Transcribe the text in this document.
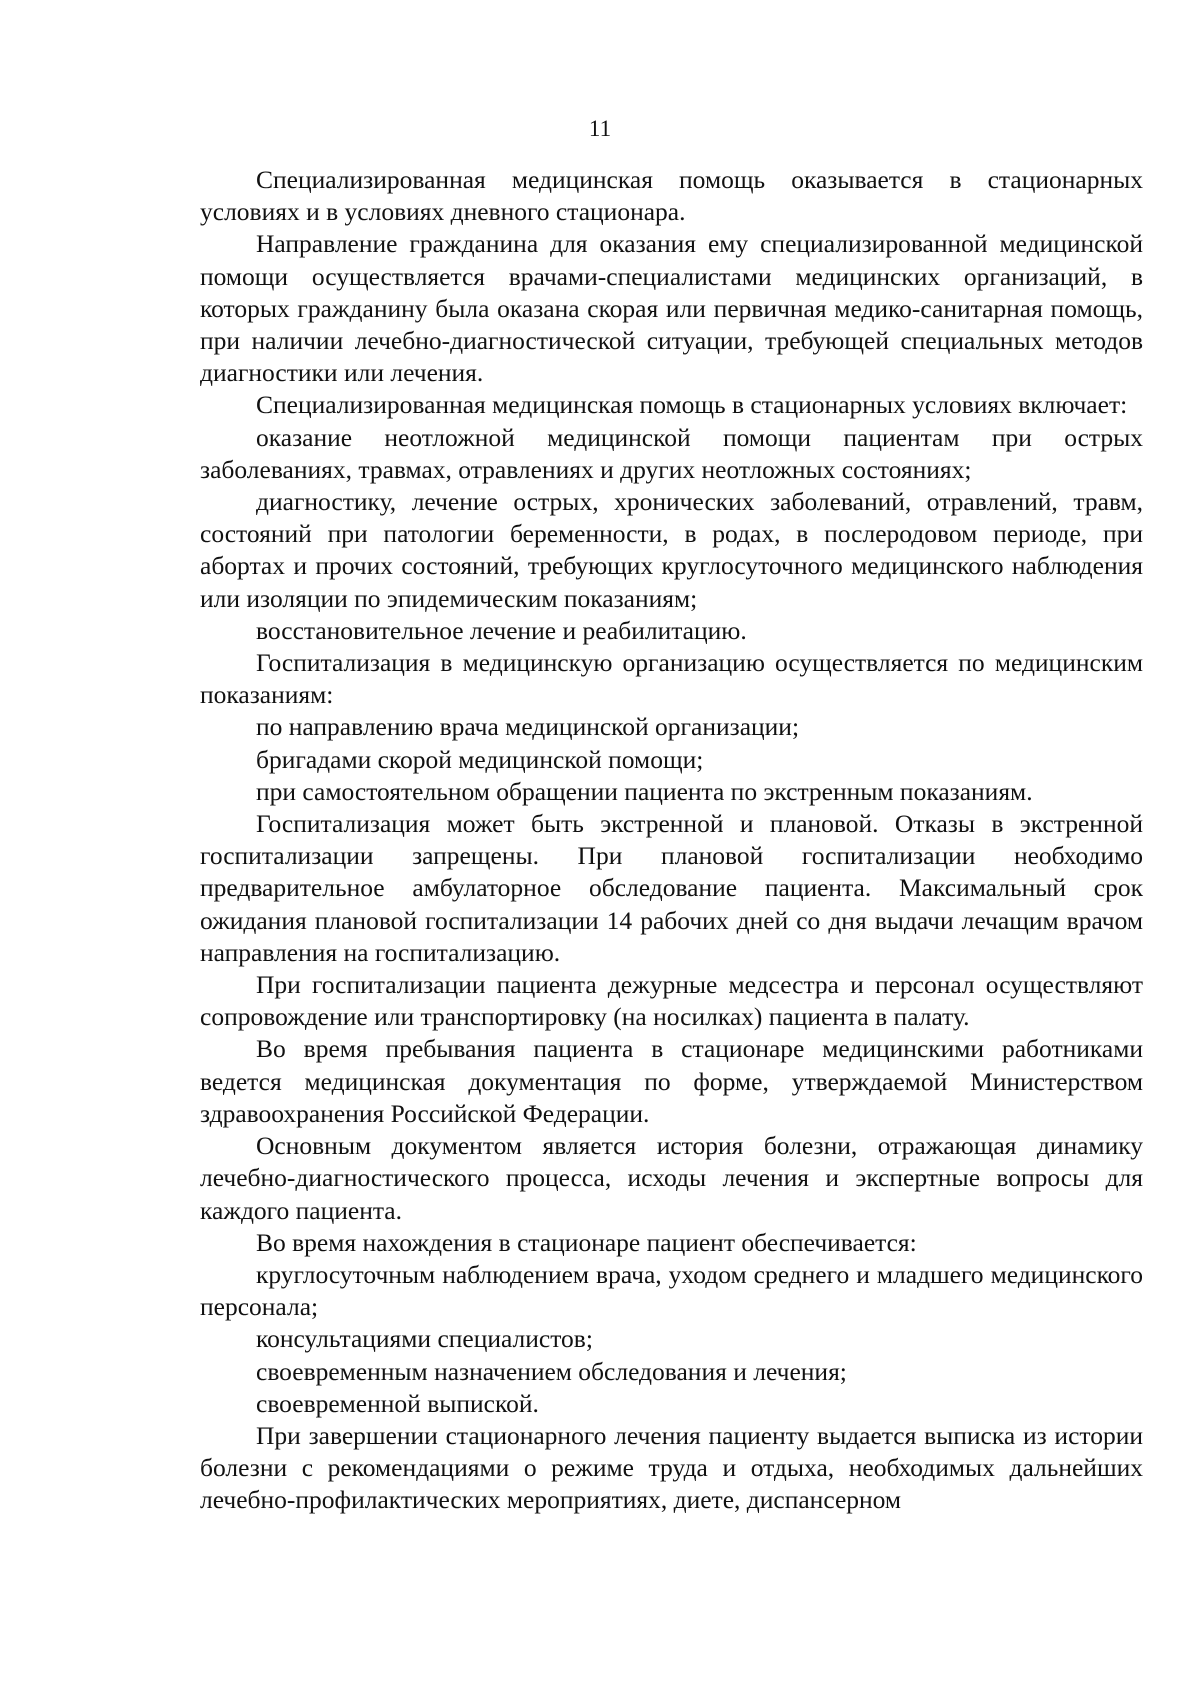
11

Специализированная медицинская помощь оказывается в стационарных условиях и в условиях дневного стационара.

Направление гражданина для оказания ему специализированной медицинской помощи осуществляется врачами-специалистами медицинских организаций, в которых гражданину была оказана скорая или первичная медико-санитарная помощь, при наличии лечебно-диагностической ситуации, требующей специальных методов диагностики или лечения.

Специализированная медицинская помощь в стационарных условиях включает:

оказание неотложной медицинской помощи пациентам при острых заболеваниях, травмах, отравлениях и других неотложных состояниях;

диагностику, лечение острых, хронических заболеваний, отравлений, травм, состояний при патологии беременности, в родах, в послеродовом периоде, при абортах и прочих состояний, требующих круглосуточного медицинского наблюдения или изоляции по эпидемическим показаниям;

восстановительное лечение и реабилитацию.

Госпитализация в медицинскую организацию осуществляется по медицинским показаниям:

по направлению врача медицинской организации;

бригадами скорой медицинской помощи;

при самостоятельном обращении пациента по экстренным показаниям.

Госпитализация может быть экстренной и плановой. Отказы в экстренной госпитализации запрещены. При плановой госпитализации необходимо предварительное амбулаторное обследование пациента. Максимальный срок ожидания плановой госпитализации 14 рабочих дней со дня выдачи лечащим врачом направления на госпитализацию.

При госпитализации пациента дежурные медсестра и персонал осуществляют сопровождение или транспортировку (на носилках) пациента в палату.

Во время пребывания пациента в стационаре медицинскими работниками ведется медицинская документация по форме, утверждаемой Министерством здравоохранения Российской Федерации.

Основным документом является история болезни, отражающая динамику лечебно-диагностического процесса, исходы лечения и экспертные вопросы для каждого пациента.

Во время нахождения в стационаре пациент обеспечивается:

круглосуточным наблюдением врача, уходом среднего и младшего медицинского персонала;

консультациями специалистов;

своевременным назначением обследования и лечения;

своевременной выпиской.

При завершении стационарного лечения пациенту выдается выписка из истории болезни с рекомендациями о режиме труда и отдыха, необходимых дальнейших лечебно-профилактических мероприятиях, диете, диспансерном
